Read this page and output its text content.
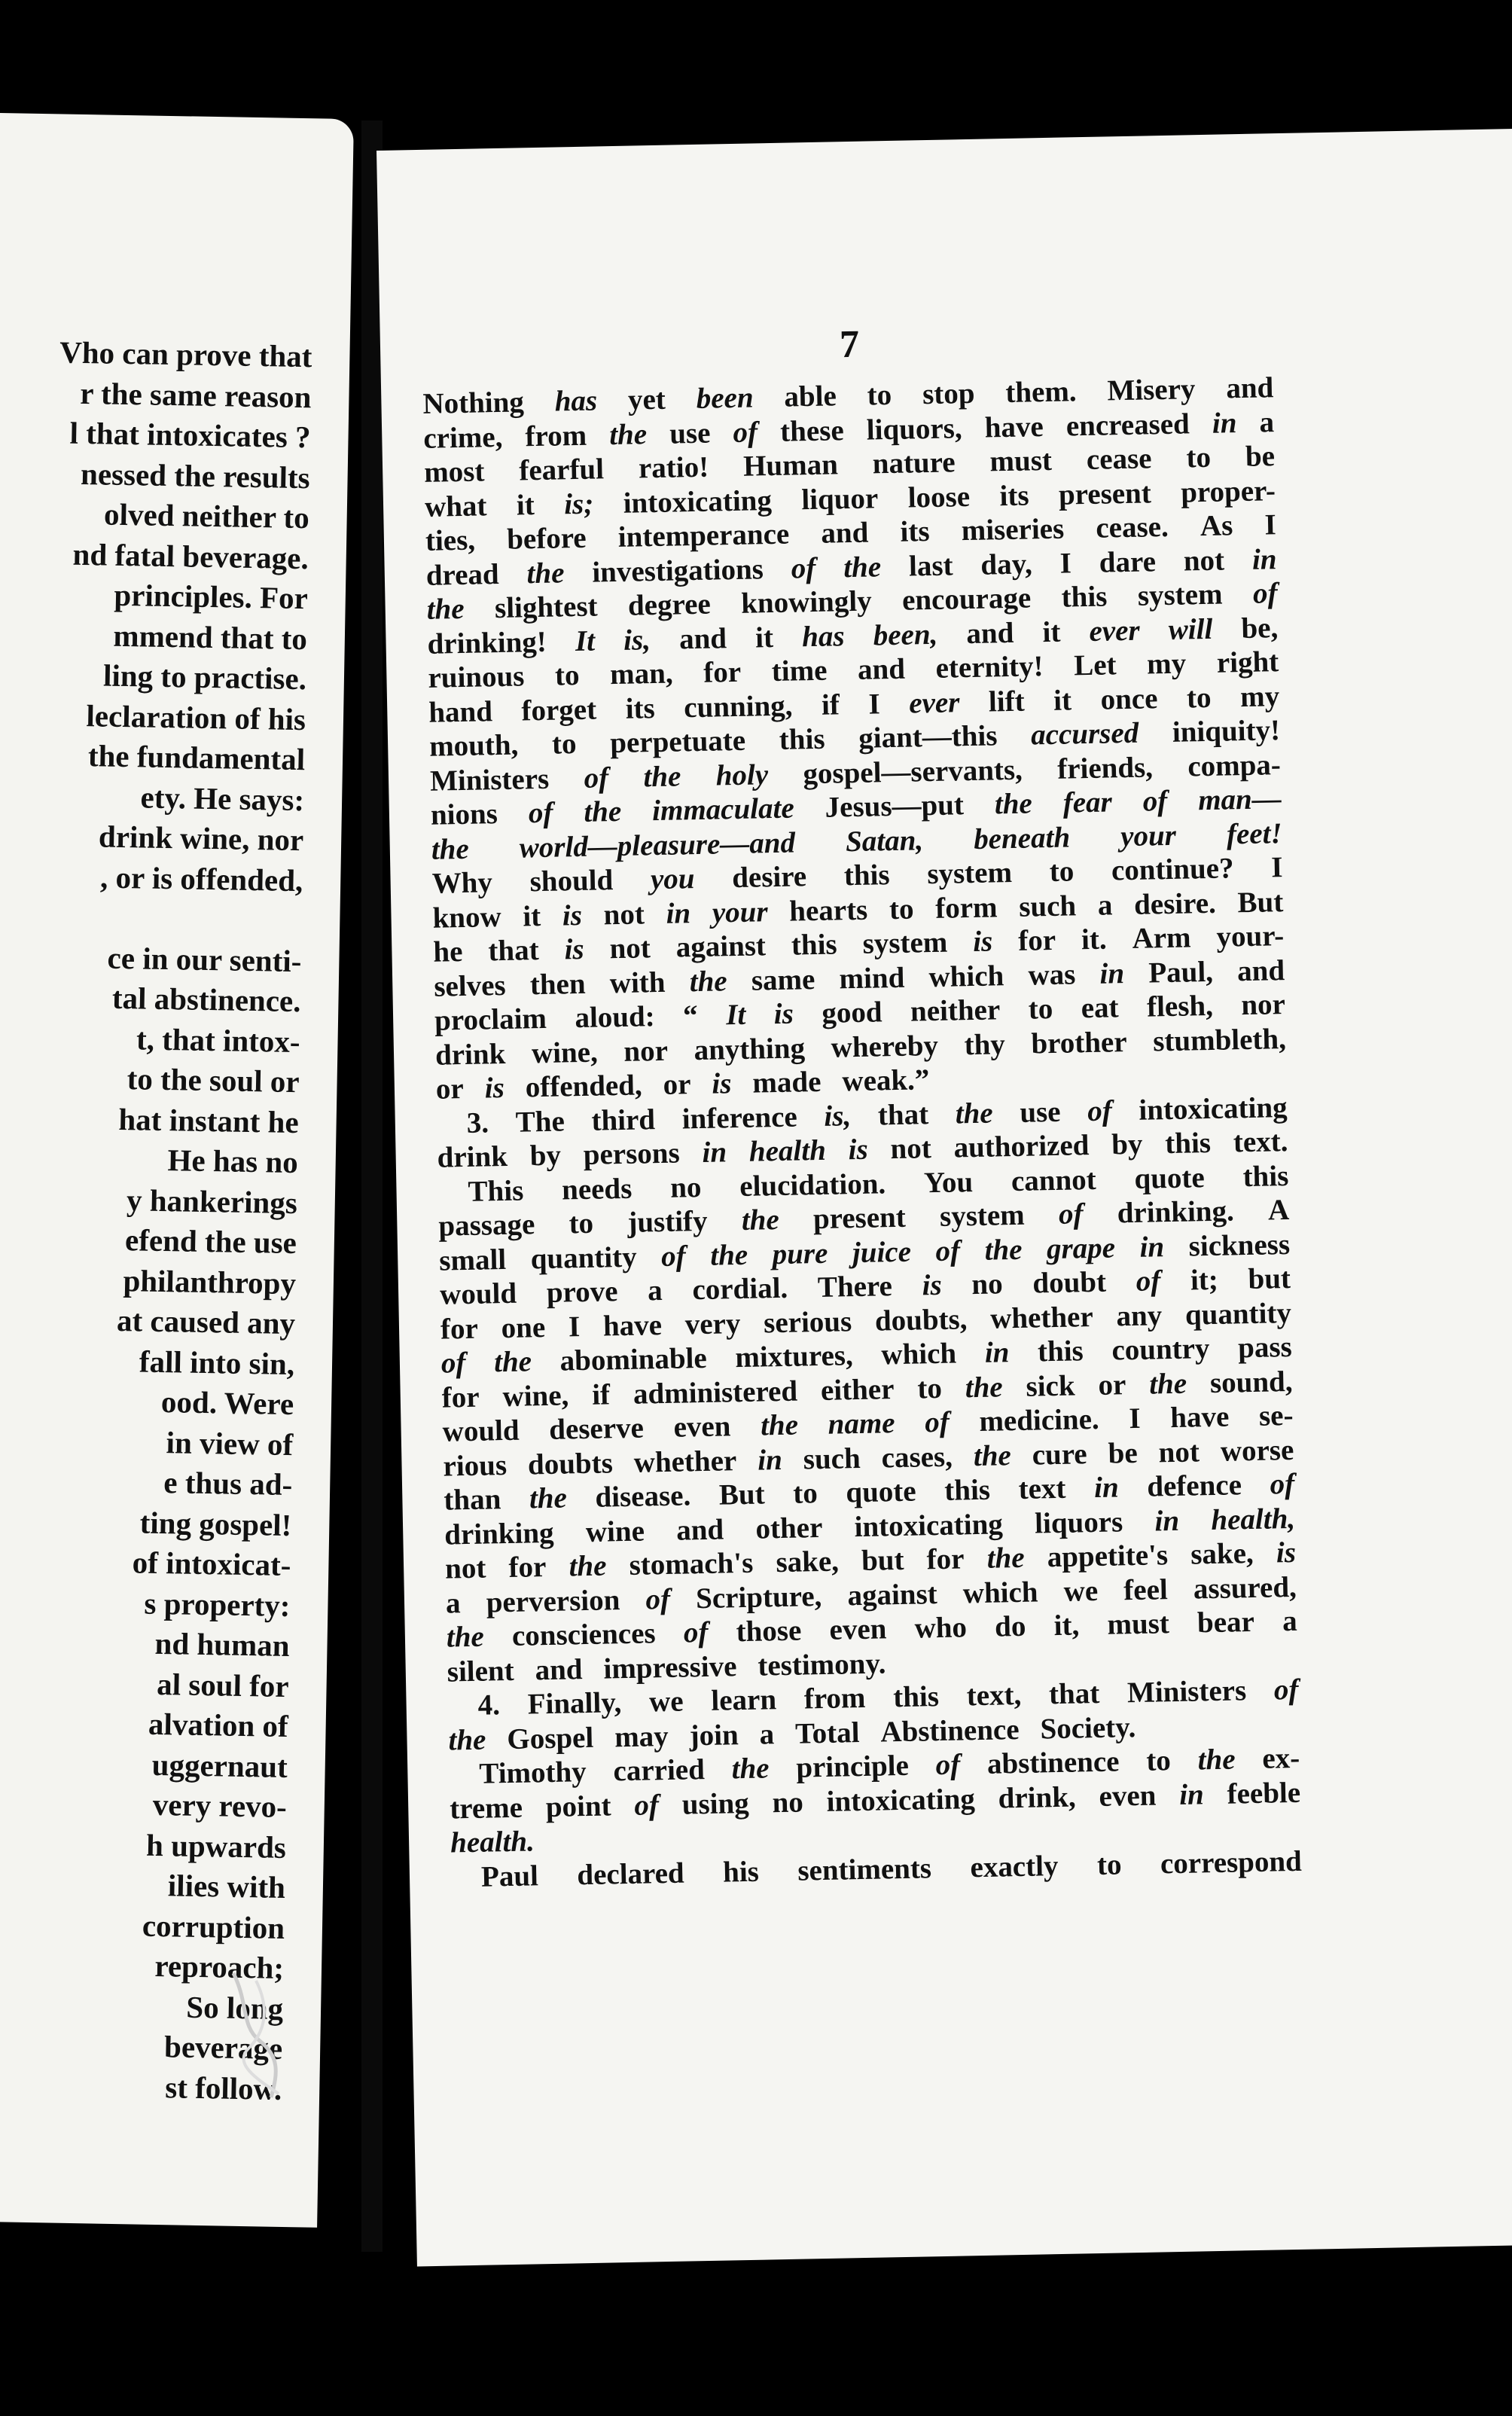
Vho can prove that
r the same reason
l that intoxicates ?
nessed the results
olved neither to
nd fatal beverage.
principles. For
mmend that to
ling to practise.
leclaration of his
the fundamental
ety. He says:
drink wine, nor
, or is offended,
ce in our senti-
tal abstinence.
t, that intox-
to the soul or
hat instant he
He has no
y hankerings
efend the use
philanthropy
at caused any
fall into sin,
ood. Were
in view of
e thus ad-
ting gospel!
of intoxicat-
s property:
nd human
al soul for
alvation of
uggernaut
very revo-
h upwards
ilies with
corruption
reproach;
So long
beverage
st follow.
7
Nothing has yet been able to stop them. Misery and
crime, from the use of these liquors, have encreased in a
most fearful ratio! Human nature must cease to be
what it is; intoxicating liquor loose its present proper-
ties, before intemperance and its miseries cease. As I
dread the investigations of the last day, I dare not in
the slightest degree knowingly encourage this system of
drinking! It is, and it has been, and it ever will be,
ruinous to man, for time and eternity! Let my right
hand forget its cunning, if I ever lift it once to my
mouth, to perpetuate this giant—this accursed iniquity!
Ministers of the holy gospel—servants, friends, compa-
nions of the immaculate Jesus—put the fear of man—
the world—pleasure—and Satan, beneath your feet!
Why should you desire this system to continue? I
know it is not in your hearts to form such a desire. But
he that is not against this system is for it. Arm your-
selves then with the same mind which was in Paul, and
proclaim aloud: “ It is good neither to eat flesh, nor
drink wine, nor anything whereby thy brother stumbleth,
or is offended, or is made weak.”
3. The third inference is, that the use of intoxicating
drink by persons in health is not authorized by this text.
This needs no elucidation. You cannot quote this
passage to justify the present system of drinking. A
small quantity of the pure juice of the grape in sickness
would prove a cordial. There is no doubt of it; but
for one I have very serious doubts, whether any quantity
of the abominable mixtures, which in this country pass
for wine, if administered either to the sick or the sound,
would deserve even the name of medicine. I have se-
rious doubts whether in such cases, the cure be not worse
than the disease. But to quote this text in defence of
drinking wine and other intoxicating liquors in health,
not for the stomach's sake, but for the appetite's sake, is
a perversion of Scripture, against which we feel assured,
the consciences of those even who do it, must bear a
silent and impressive testimony.
4. Finally, we learn from this text, that Ministers of
the Gospel may join a Total Abstinence Society.
Timothy carried the principle of abstinence to the ex-
treme point of using no intoxicating drink, even in feeble
health.
Paul declared his sentiments exactly to correspond
